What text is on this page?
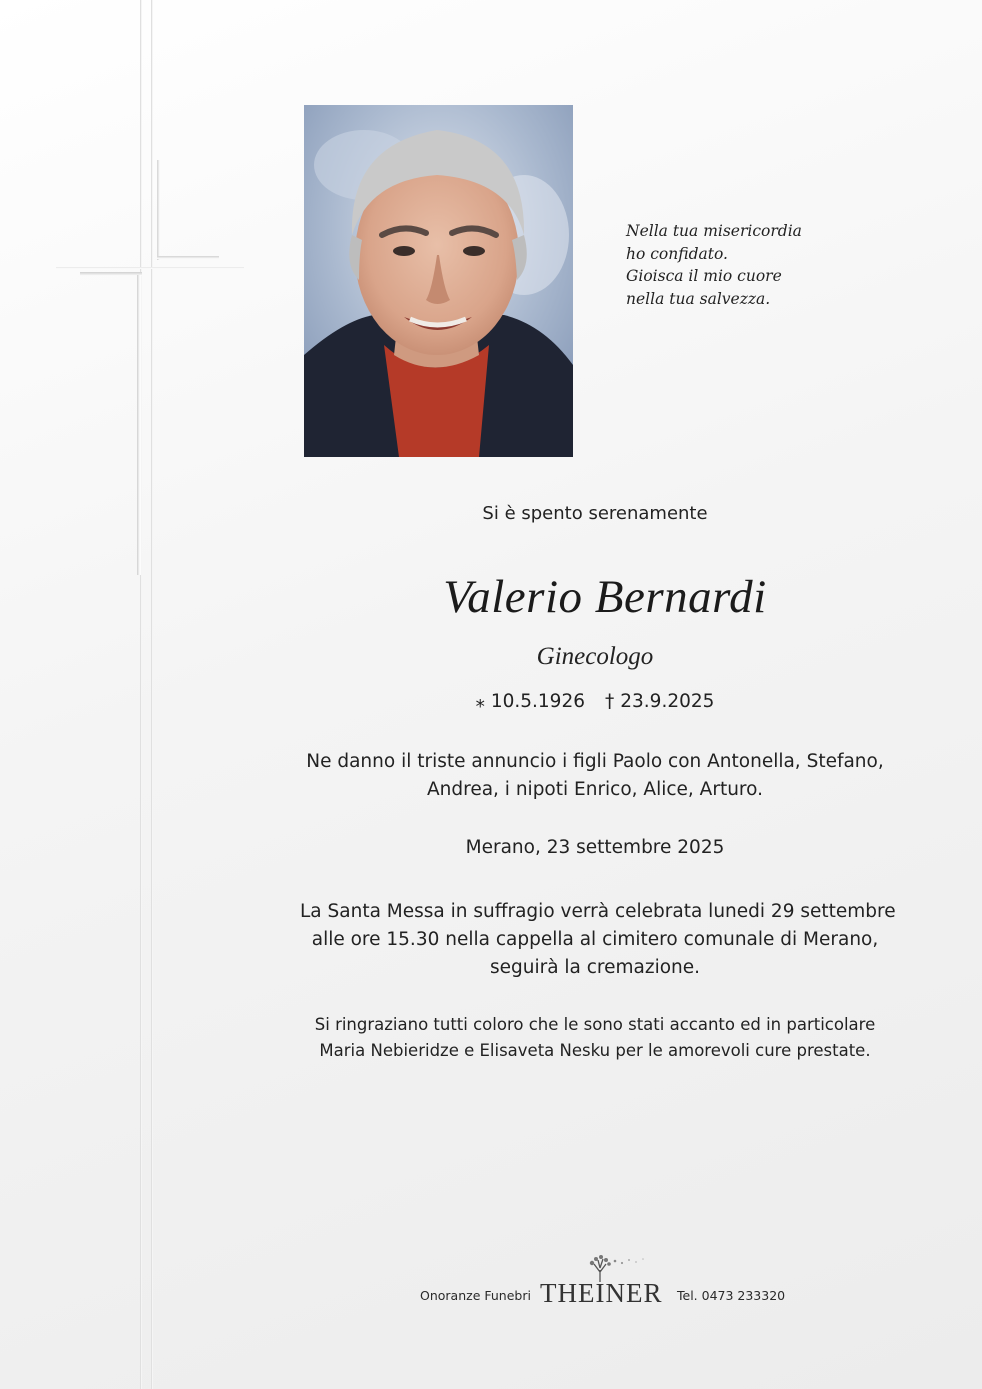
Nella tua misericordia
ho confidato.
Gioisca il mio cuore
nella tua salvezza.
Si è spento serenamente
Valerio Bernardi
Ginecologo
⁎ 10.5.1926 † 23.9.2025
Ne danno il triste annuncio i figli Paolo con Antonella, Stefano,
Andrea, i nipoti Enrico, Alice, Arturo.
Merano, 23 settembre 2025
La Santa Messa in suffragio verrà celebrata lunedi 29 settembre
alle ore 15.30 nella cappella al cimitero comunale di Merano,
seguirà la cremazione.
Si ringraziano tutti coloro che le sono stati accanto ed in particolare
Maria Nebieridze e Elisaveta Nesku per le amorevoli cure prestate.
Onoranze Funebri THEINER Tel. 0473 233320
